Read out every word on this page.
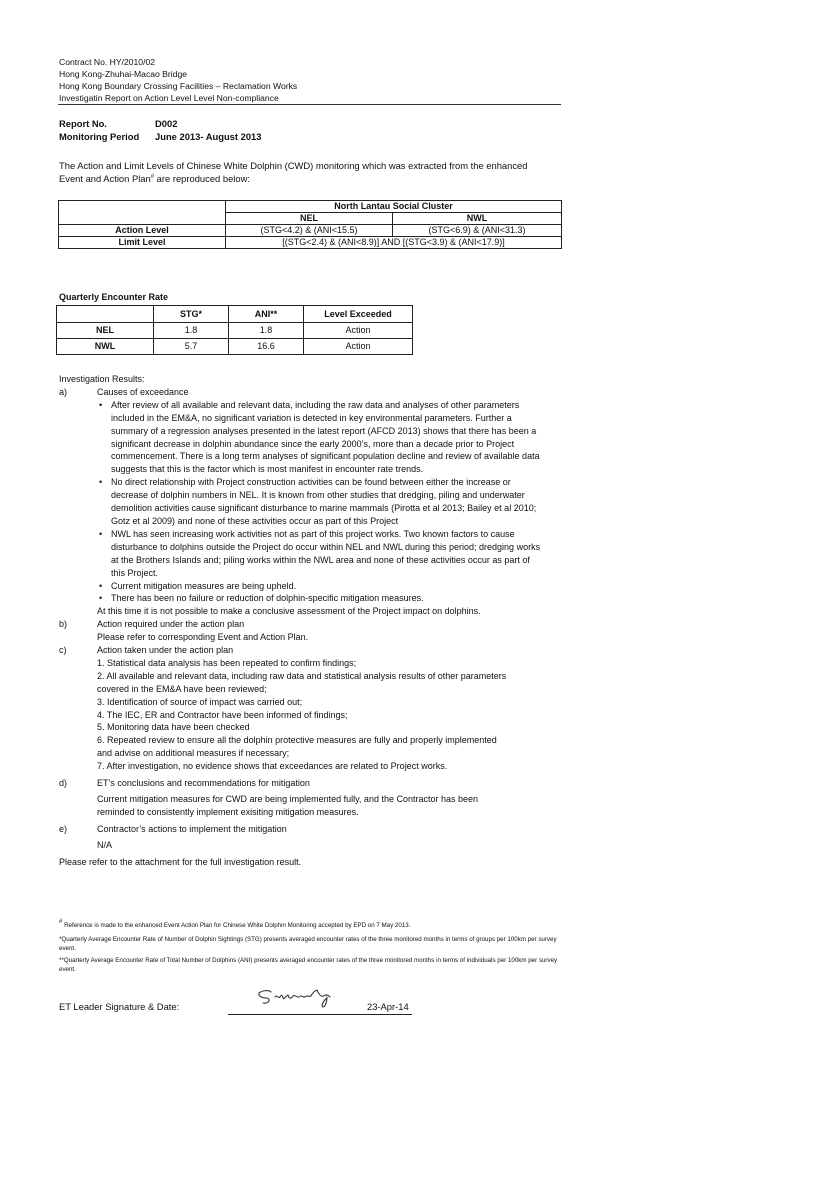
Contract No. HY/2010/02
Hong Kong-Zhuhai-Macao Bridge
Hong Kong Boundary Crossing Facilities – Reclamation Works
Investigatin Report on Action Level Level Non-compliance
Report No.	D002
Monitoring Period June 2013- August 2013
The Action and Limit Levels of Chinese White Dolphin (CWD) monitoring which was extracted from the enhanced Event and Action Plan# are reproduced below:
	North Lantau Social Cluster	
	NEL	NWL
Action Level	(STG<4.2) & (ANI<15.5)	(STG<6.9) & (ANI<31.3)
Limit Level	[(STG<2.4) & (ANI<8.9)] AND [(STG<3.9) & (ANI<17.9)]	
Quarterly Encounter Rate
	STG*	ANI**	Level Exceeded
NEL	1.8	1.8	Action
NWL	5.7	16.6	Action
Investigation Results:
a)	Causes of exceedance
• After review of all available and relevant data, including the raw data and analyses of other parameters included in the EM&A, no significant variation is detected in key environmental parameters. Further a summary of a regression analyses presented in the latest report (AFCD 2013) shows that there has been a significant decrease in dolphin abundance since the early 2000’s, more than a decade prior to Project commencement. There is a long term analyses of significant population decline and review of available data suggests that this is the factor which is most manifest in encounter rate trends.
• No direct relationship with Project construction activities can be found between either the increase or decrease of dolphin numbers in NEL. It is known from other studies that dredging, piling and underwater demolition activities cause significant disturbance to marine mammals (Pirotta et al 2013; Bailey et al 2010; Gotz et al 2009) and none of these activities occur as part of this Project
• NWL has seen increasing work activities not as part of this project works. Two known factors to cause disturbance to dolphins outside the Project do occur within NEL and NWL during this period; dredging works at the Brothers Islands and; piling works within the NWL area and none of these activities occur as part of this Project.
• Current mitigation measures are being upheld.
• There has been no failure or reduction of dolphin-specific mitigation measures.
At this time it is not possible to make a conclusive assessment of the Project impact on dolphins.
b)	Action required under the action plan
Please refer to corresponding Event and Action Plan.
c)	Action taken under the action plan
1. Statistical data analysis has been repeated to confirm findings;
2. All available and relevant data, including raw data and statistical analysis results of other parameters covered in the EM&A have been reviewed;
3. Identification of source of impact was carried out;
4. The IEC, ER and Contractor have been informed of findings;
5. Monitoring data have been checked
6. Repeated review to ensure all the dolphin protective measures are fully and properly implemented and advise on additional measures if necessary;
7. After investigation, no evidence shows that exceedances are related to Project works.
d)	ET’s conclusions and recommendations for mitigation
Current mitigation measures for CWD are being implemented fully, and the Contractor has been reminded to consistently implement exisiting mitigation measures.
e)	Contractor’s actions to implement the mitigation
N/A
Please refer to the attachment for the full investigation result.
# Reference is made to the enhanced Event Action Plan for Chinese White Dolphin Monitoring accepted by EPD on 7 May 2013.
*Quarterly Average Encounter Rate of Number of Dolphin Sightings (STG) presents averaged encounter rates of the three monitored months in terms of groups per 100km per survey event.
**Quarterly Average Encounter Rate of Total Number of Dolphins (ANI) presents averaged encounter rates of the three monitored months in terms of individuals per 100km per survey event.
ET Leader Signature & Date:	23-Apr-14
